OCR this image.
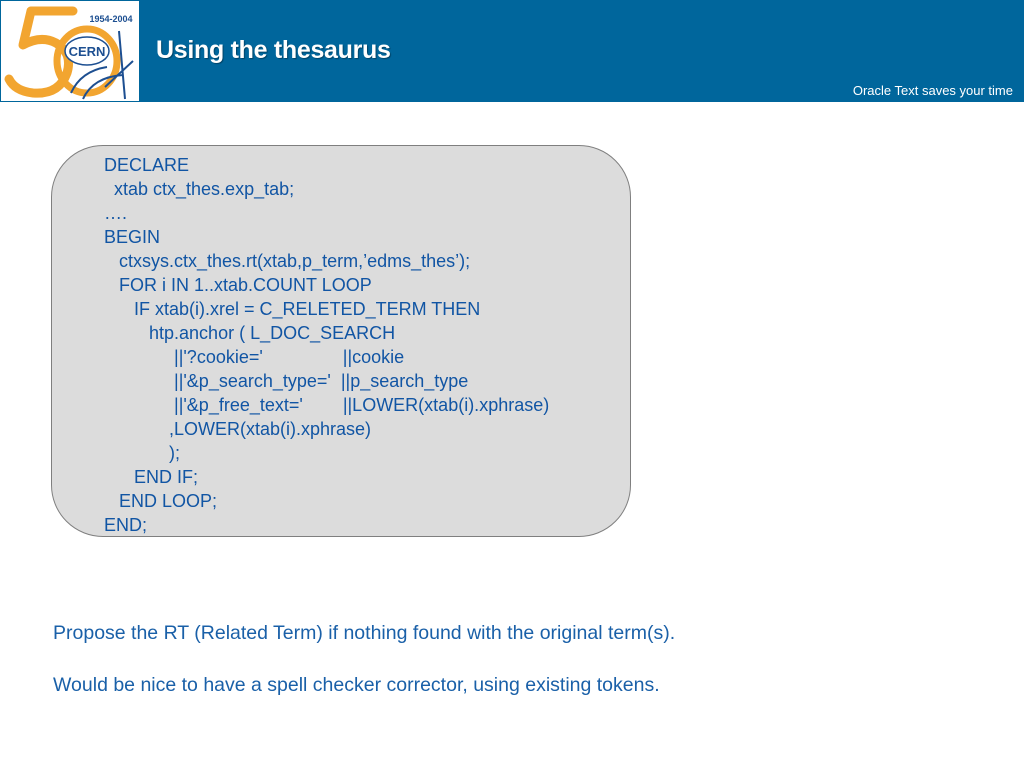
CERN
1954-2004
Using the thesaurus
Oracle Text saves your time
DECLARE
xtab ctx_thes.exp_tab;
….
BEGIN
ctxsys.ctx_thes.rt(xtab,p_term,’edms_thes’);
FOR i IN 1..xtab.COUNT LOOP
IF xtab(i).xrel = C_RELETED_TERM THEN
htp.anchor ( L_DOC_SEARCH
||'?cookie='                ||cookie
||'&p_search_type='  ||p_search_type
||'&p_free_text='        ||LOWER(xtab(i).xphrase)
,LOWER(xtab(i).xphrase)
);
END IF;
END LOOP;
END;

Propose the RT (Related Term) if nothing found with the original term(s).

Would be nice to have a spell checker corrector, using existing tokens.
